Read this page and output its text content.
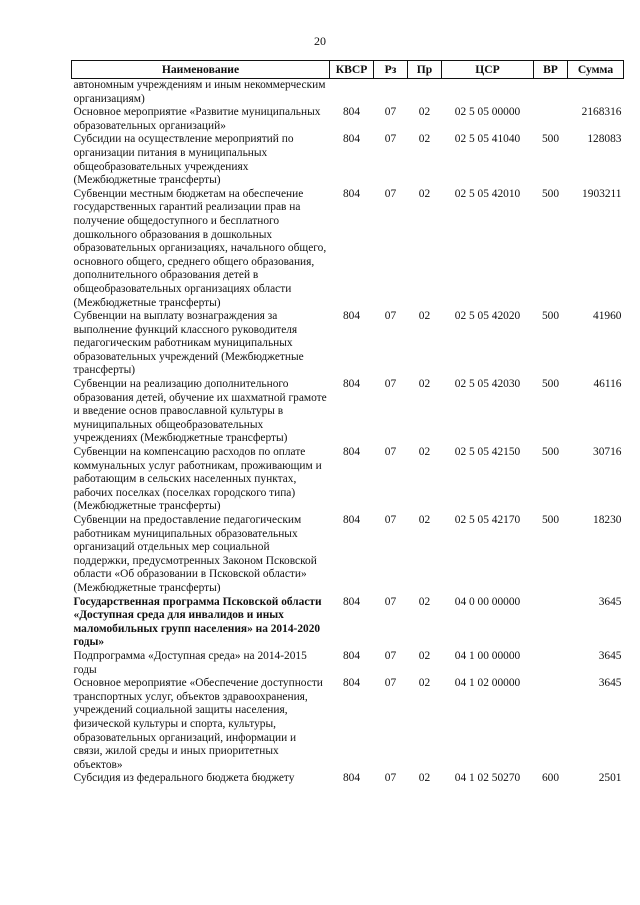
20
Наименование	КВСР	Рз	Пр	ЦСР	ВР	Сумма
автономным учреждениям и иным некоммерческим организациям)						
Основное мероприятие «Развитие муниципальных образовательных организаций»	804	07	02	02 5 05 00000		2168316
Субсидии на осуществление мероприятий по организации питания в муниципальных общеобразовательных учреждениях (Межбюджетные трансферты)	804	07	02	02 5 05 41040	500	128083
Субвенции местным бюджетам на обеспечение государственных гарантий реализации прав на получение общедоступного и бесплатного дошкольного образования в дошкольных образовательных организациях, начального общего, основного общего, среднего общего образования, дополнительного образования детей в общеобразовательных организациях области (Межбюджетные трансферты)	804	07	02	02 5 05 42010	500	1903211
Субвенции на выплату вознаграждения за выполнение функций классного руководителя педагогическим работникам муниципальных образовательных учреждений (Межбюджетные трансферты)	804	07	02	02 5 05 42020	500	41960
Субвенции на реализацию дополнительного образования детей, обучение их шахматной грамоте и введение основ православной культуры в муниципальных общеобразовательных учреждениях (Межбюджетные трансферты)	804	07	02	02 5 05 42030	500	46116
Субвенции на компенсацию расходов по оплате коммунальных услуг работникам, проживающим и работающим в сельских населенных пунктах, рабочих поселках (поселках городского типа) (Межбюджетные трансферты)	804	07	02	02 5 05 42150	500	30716
Субвенции на предоставление педагогическим работникам муниципальных образовательных организаций отдельных мер социальной поддержки, предусмотренных Законом Псковской области «Об образовании в Псковской области» (Межбюджетные трансферты)	804	07	02	02 5 05 42170	500	18230
Государственная программа Псковской области «Доступная среда для инвалидов и иных маломобильных групп населения» на 2014-2020 годы»	804	07	02	04 0 00 00000		3645
Подпрограмма «Доступная среда» на 2014-2015 годы	804	07	02	04 1 00 00000		3645
Основное мероприятие «Обеспечение доступности транспортных услуг, объектов здравоохранения, учреждений социальной защиты населения, физической культуры и спорта, культуры, образовательных организаций, информации и связи, жилой среды и иных приоритетных объектов»	804	07	02	04 1 02 00000		3645
Субсидия из федерального бюджета бюджету	804	07	02	04 1 02 50270	600	2501
